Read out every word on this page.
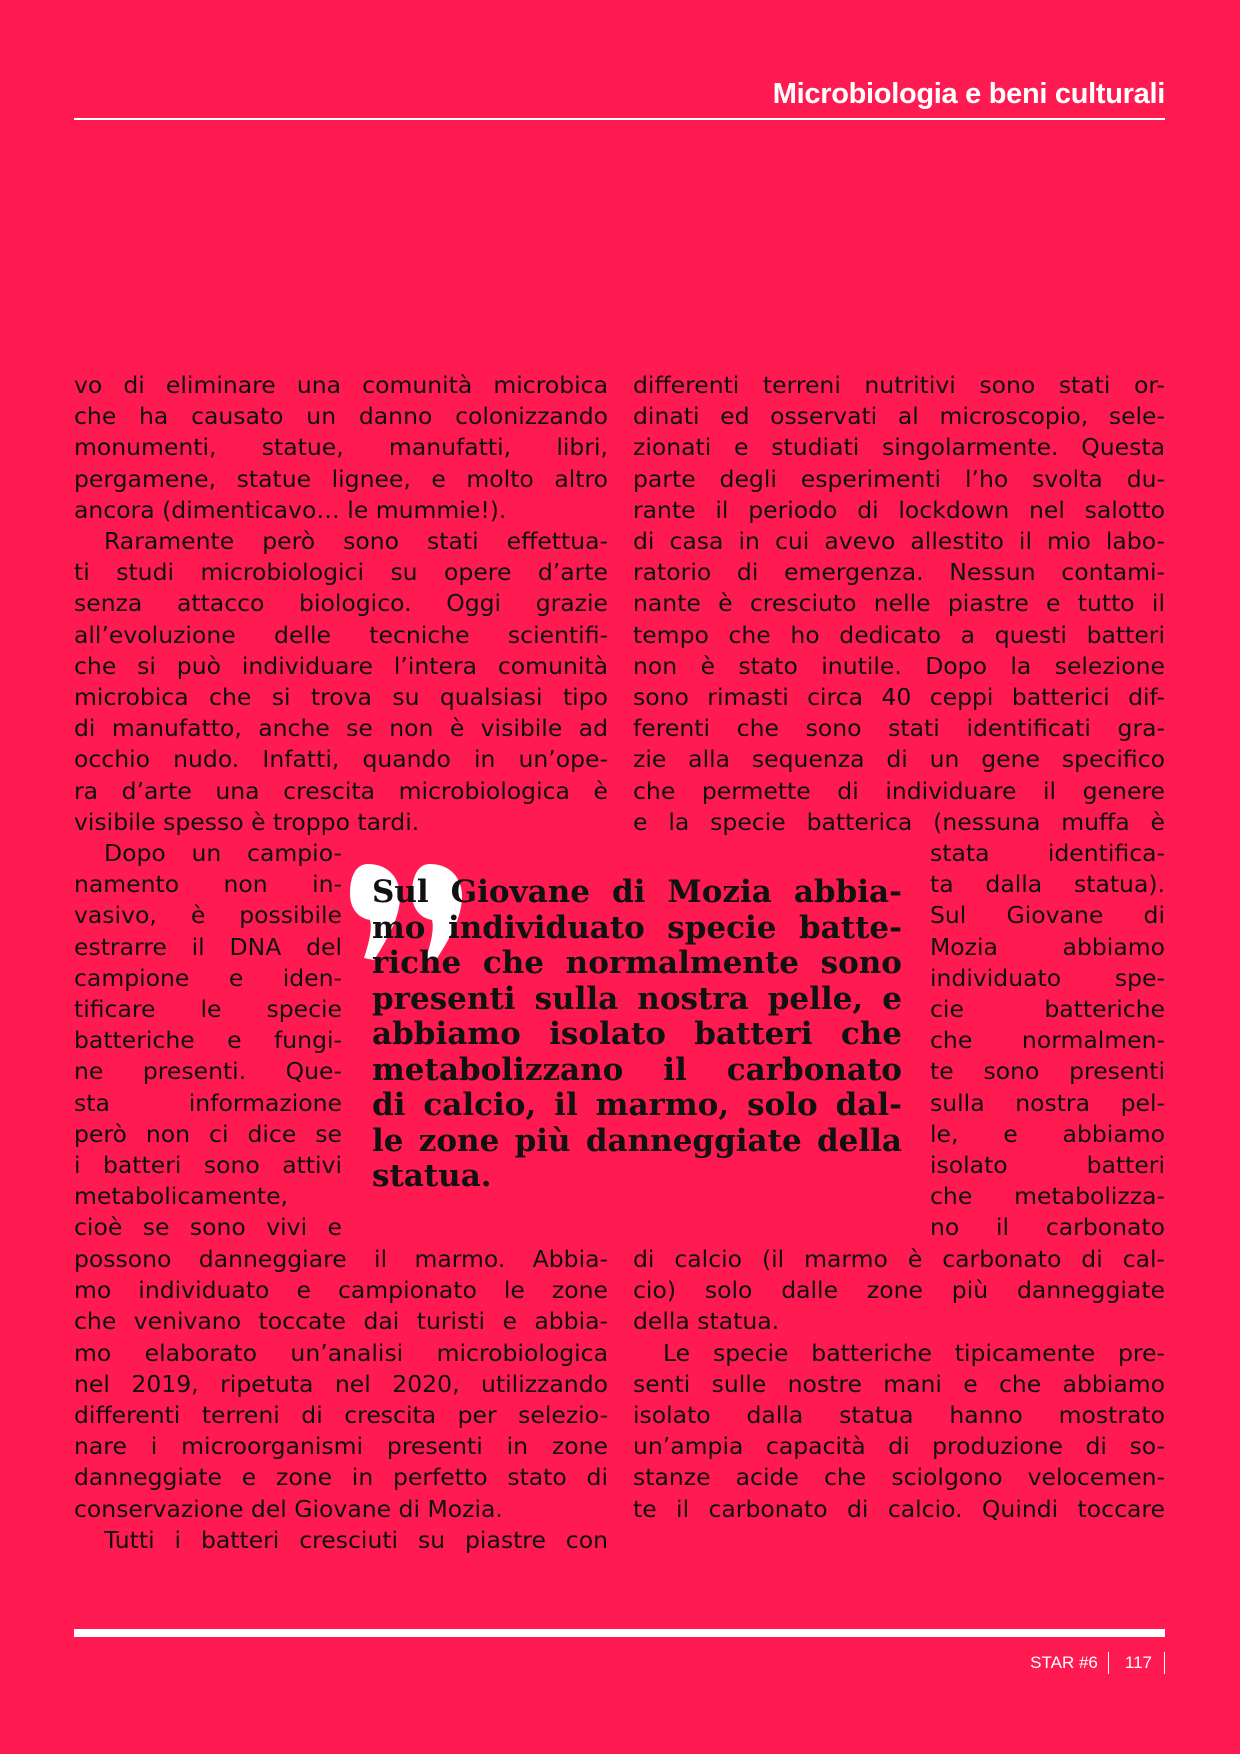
Microbiologia e beni culturali
vo di eliminare una comunità microbica
che ha causato un danno colonizzando
monumenti, statue, manufatti, libri,
pergamene, statue lignee, e molto altro
ancora (dimenticavo… le mummie!).
Raramente però sono stati effettua-
ti studi microbiologici su opere d’arte
senza attacco biologico. Oggi grazie
all’evoluzione delle tecniche scientifi-
che si può individuare l’intera comunità
microbica che si trova su qualsiasi tipo
di manufatto, anche se non è visibile ad
occhio nudo. Infatti, quando in un’ope-
ra d’arte una crescita microbiologica è
visibile spesso è troppo tardi.
Dopo un campio-
namento non in-
vasivo, è possibile
estrarre il DNA del
campione e iden-
tificare le specie
batteriche e fungi-
ne presenti. Que-
sta informazione
però non ci dice se
i batteri sono attivi
metabolicamente,
cioè se sono vivi e
possono danneggiare il marmo. Abbia-
mo individuato e campionato le zone
che venivano toccate dai turisti e abbia-
mo elaborato un’analisi microbiologica
nel 2019, ripetuta nel 2020, utilizzando
differenti terreni di crescita per selezio-
nare i microorganismi presenti in zone
danneggiate e zone in perfetto stato di
conservazione del Giovane di Mozia.
Tutti i batteri cresciuti su piastre con
differenti terreni nutritivi sono stati or-
dinati ed osservati al microscopio, sele-
zionati e studiati singolarmente. Questa
parte degli esperimenti l’ho svolta du-
rante il periodo di lockdown nel salotto
di casa in cui avevo allestito il mio labo-
ratorio di emergenza. Nessun contami-
nante è cresciuto nelle piastre e tutto il
tempo che ho dedicato a questi batteri
non è stato inutile. Dopo la selezione
sono rimasti circa 40 ceppi batterici dif-
ferenti che sono stati identificati gra-
zie alla sequenza di un gene specifico
che permette di individuare il genere
e la specie batterica (nessuna muffa è
stata identifica-
ta dalla statua).
Sul Giovane di
Mozia abbiamo
individuato spe-
cie batteriche
che normalmen-
te sono presenti
sulla nostra pel-
le, e abbiamo
isolato batteri
che metabolizza-
no il carbonato
di calcio (il marmo è carbonato di cal-
cio) solo dalle zone più danneggiate
della statua.
Le specie batteriche tipicamente pre-
senti sulle nostre mani e che abbiamo
isolato dalla statua hanno mostrato
un’ampia capacità di produzione di so-
stanze acide che sciolgono velocemen-
te il carbonato di calcio. Quindi toccare
Sul Giovane di Mozia abbia-
mo individuato specie batte-
riche che normalmente sono
presenti sulla nostra pelle, e
abbiamo isolato batteri che
metabolizzano il carbonato
di calcio, il marmo, solo dal-
le zone più danneggiate della
statua.
STAR #6 117
